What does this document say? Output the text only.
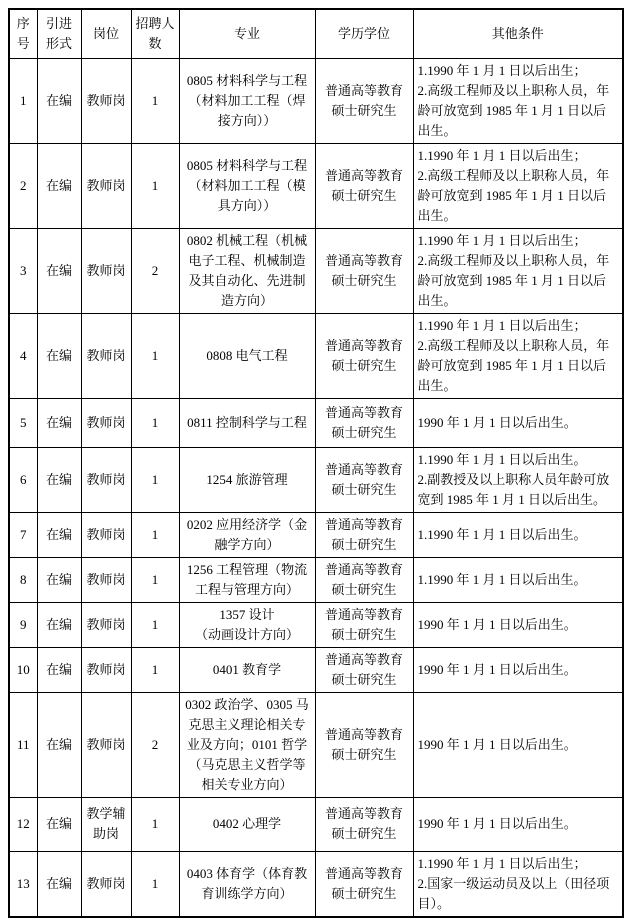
序号	引进形式	岗位	招聘人数	专业	学历学位	其他条件
1	在编	教师岗	1	0805 材料科学与工程（材料加工工程（焊接方向））	普通高等教育硕士研究生	1.1990 年 1 月 1 日以后出生；
2.高级工程师及以上职称人员，年龄可放宽到 1985 年 1 月 1 日以后出生。
2	在编	教师岗	1	0805 材料科学与工程（材料加工工程（模具方向））	普通高等教育硕士研究生	1.1990 年 1 月 1 日以后出生；
2.高级工程师及以上职称人员，年龄可放宽到 1985 年 1 月 1 日以后出生。
3	在编	教师岗	2	0802 机械工程（机械电子工程、机械制造及其自动化、先进制造方向）	普通高等教育硕士研究生	1.1990 年 1 月 1 日以后出生；
2.高级工程师及以上职称人员，年龄可放宽到 1985 年 1 月 1 日以后出生。
4	在编	教师岗	1	0808 电气工程	普通高等教育硕士研究生	1.1990 年 1 月 1 日以后出生；
2.高级工程师及以上职称人员，年龄可放宽到 1985 年 1 月 1 日以后出生。
5	在编	教师岗	1	0811 控制科学与工程	普通高等教育硕士研究生	1990 年 1 月 1 日以后出生。
6	在编	教师岗	1	1254 旅游管理	普通高等教育硕士研究生	1.1990 年 1 月 1 日以后出生。
2.副教授及以上职称人员年龄可放宽到 1985 年 1 月 1 日以后出生。
7	在编	教师岗	1	0202 应用经济学（金融学方向）	普通高等教育硕士研究生	1.1990 年 1 月 1 日以后出生。
8	在编	教师岗	1	1256 工程管理（物流工程与管理方向）	普通高等教育硕士研究生	1.1990 年 1 月 1 日以后出生。
9	在编	教师岗	1	1357 设计
（动画设计方向）	普通高等教育硕士研究生	1990 年 1 月 1 日以后出生。
10	在编	教师岗	1	0401 教育学	普通高等教育硕士研究生	1990 年 1 月 1 日以后出生。
11	在编	教师岗	2	0302 政治学、0305 马克思主义理论相关专业及方向；0101 哲学（马克思主义哲学等相关专业方向）	普通高等教育硕士研究生	1990 年 1 月 1 日以后出生。
12	在编	教学辅助岗	1	0402 心理学	普通高等教育硕士研究生	1990 年 1 月 1 日以后出生。
13	在编	教师岗	1	0403 体育学（体育教育训练学方向）	普通高等教育硕士研究生	1.1990 年 1 月 1 日以后出生；
2.国家一级运动员及以上（田径项目）。
